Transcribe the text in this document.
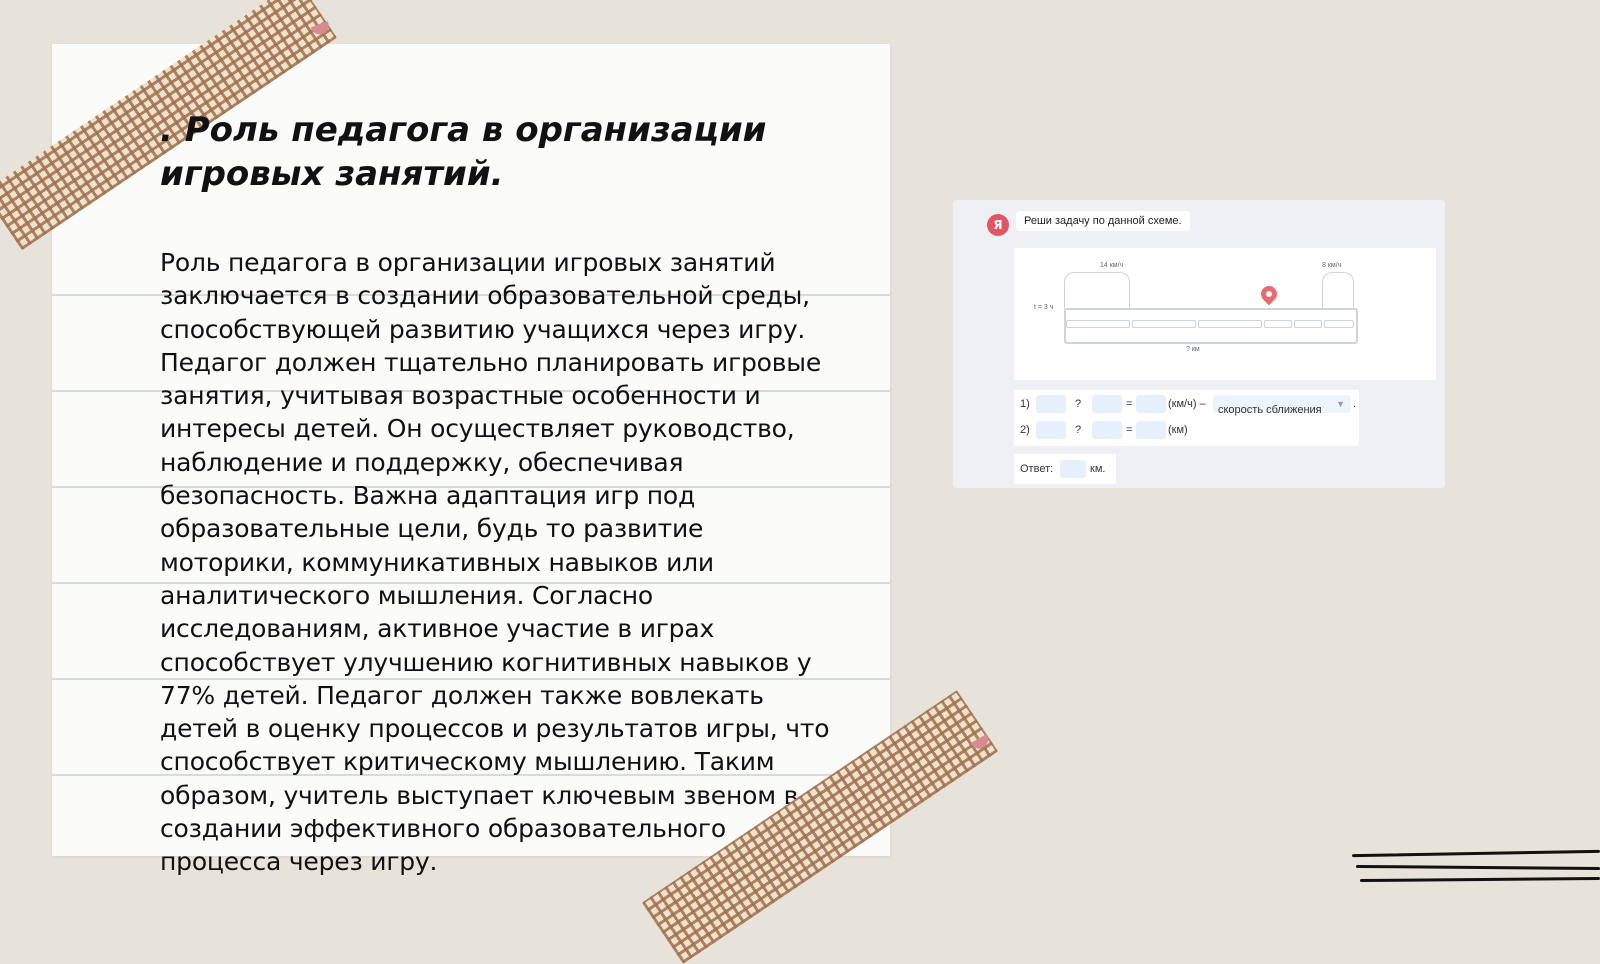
. Роль педагога в организации игровых занятий.
Роль педагога в организации игровых занятий заключается в создании образовательной среды, способствующей развитию учащихся через игру. Педагог должен тщательно планировать игровые занятия, учитывая возрастные особенности и интересы детей. Он осуществляет руководство, наблюдение и поддержку, обеспечивая безопасность. Важна адаптация игр под образовательные цели, будь то развитие моторики, коммуникативных навыков или аналитического мышления. Согласно исследованиям, активное участие в играх способствует улучшению когнитивных навыков у 77% детей. Педагог должен также вовлекать детей в оценку процессов и результатов игры, что способствует критическому мышлению. Таким образом, учитель выступает ключевым звеном в создании эффективного образовательного процесса через игру.
Я	Реши задачу по данной схеме.
14 км/ч	8 км/ч
t = 3 ч
? км
1)	?	=	(км/ч) – скорость сближения ▼ .
2)	?	=	(км)
Ответ:	км.
